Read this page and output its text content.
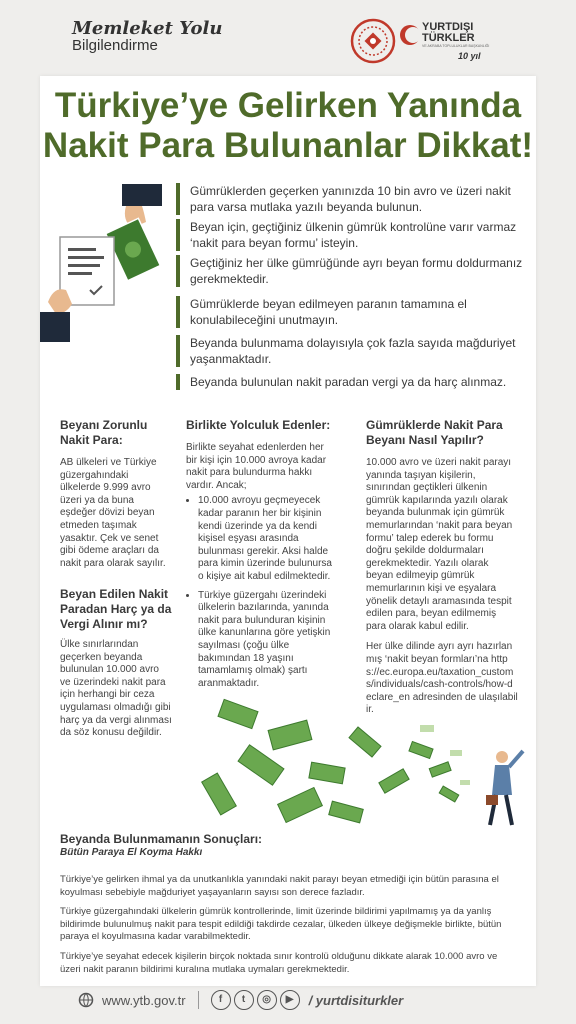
Memleket Yolu
Bilgilendirme
YURTDIŞI
TÜRKLER
VE AKRABA TOPLULUKLAR BAŞKANLIĞI
10 yıl
Türkiye’ye Gelirken Yanında
Nakit Para Bulunanlar Dikkat!
Gümrüklerden geçerken yanınızda 10 bin avro ve üzeri nakit para varsa mutlaka yazılı beyanda bulunun.
Beyan için, geçtiğiniz ülkenin gümrük kontrolüne varır varmaz ‘nakit para beyan formu’ isteyin.
Geçtiğiniz her ülke gümrüğünde ayrı beyan formu doldurmanız gerekmektedir.
Gümrüklerde beyan edilmeyen paranın tamamına el konulabileceğini unutmayın.
Beyanda bulunmama dolayısıyla çok fazla sayıda mağduriyet yaşanmaktadır.
Beyanda bulunulan nakit paradan vergi ya da harç alınmaz.
Beyanı Zorunlu Nakit Para:
AB ülkeleri ve Türkiye güzergahındaki ülkelerde 9.999 avro üzeri ya da buna eşdeğer dövizi beyan etmeden taşımak yasaktır. Çek ve senet gibi ödeme araçları da nakit para olarak sayılır.
Beyan Edilen Nakit Paradan Harç ya da Vergi Alınır mı?
Ülke sınırlarından geçerken beyanda bulunulan 10.000 avro ve üzerindeki nakit para için herhangi bir ceza uygulaması olmadığı gibi harç ya da vergi alınması da söz konusu değildir.
Birlikte Yolculuk Edenler:
Birlikte seyahat edenlerden her bir kişi için 10.000 avroya kadar nakit para bulundurma hakkı vardır. Ancak;
• 10.000 avroyu geçmeyecek kadar paranın her bir kişinin kendi üzerinde ya da kendi kişisel eşyası arasında bulunması gerekir. Aksi halde para kimin üzerinde bulunursa o kişiye ait kabul edilmektedir.
• Türkiye güzergahı üzerindeki ülkelerin bazılarında, yanında nakit para bulunduran kişinin ülke kanunlarına göre yetişkin sayılması (çoğu ülke bakımından 18 yaşını tamamlamış olmak) şartı aranmaktadır.
Gümrüklerde Nakit Para Beyanı Nasıl Yapılır?
10.000 avro ve üzeri nakit parayı yanında taşıyan kişilerin, sınırından geçtikleri ülkenin gümrük kapılarında yazılı olarak beyanda bulunmak için gümrük memurlarından ‘nakit para beyan formu’ talep ederek bu formu doğru şekilde doldurmaları gerekmektedir. Yazılı olarak beyan edilmeyip gümrük memurlarının kişi ve eşyalara yönelik detaylı aramasında tespit edilen para, beyan edilmemiş para olarak kabul edilir.
Her ülke dilinde ayrı ayrı hazırlanmış ‘nakit beyan formları’na https://ec.europa.eu/taxation_customs/individuals/cash-controls/how-declare_en adresinden de ulaşılabilir.
Beyanda Bulunmamanın Sonuçları:
Bütün Paraya El Koyma Hakkı
Türkiye’ye gelirken ihmal ya da unutkanlıkla yanındaki nakit parayı beyan etmediği için bütün parasına el koyulması sebebiyle mağduriyet yaşayanların sayısı son derece fazladır.
Türkiye güzergahındaki ülkelerin gümrük kontrollerinde, limit üzerinde bildirimi yapılmamış ya da yanlış bildirimde bulunulmuş nakit para tespit edildiği takdirde cezalar, ülkeden ülkeye değişmekle birlikte, bütün paraya el koyulmasına kadar varabilmektedir.
Türkiye’ye seyahat edecek kişilerin birçok noktada sınır kontrolü olduğunu dikkate alarak 10.000 avro ve üzeri nakit paranın bildirimi kuralına mutlaka uymaları gerekmektedir.
www.ytb.gov.tr	f	t	◎	▶	/ yurtdisiturkler
